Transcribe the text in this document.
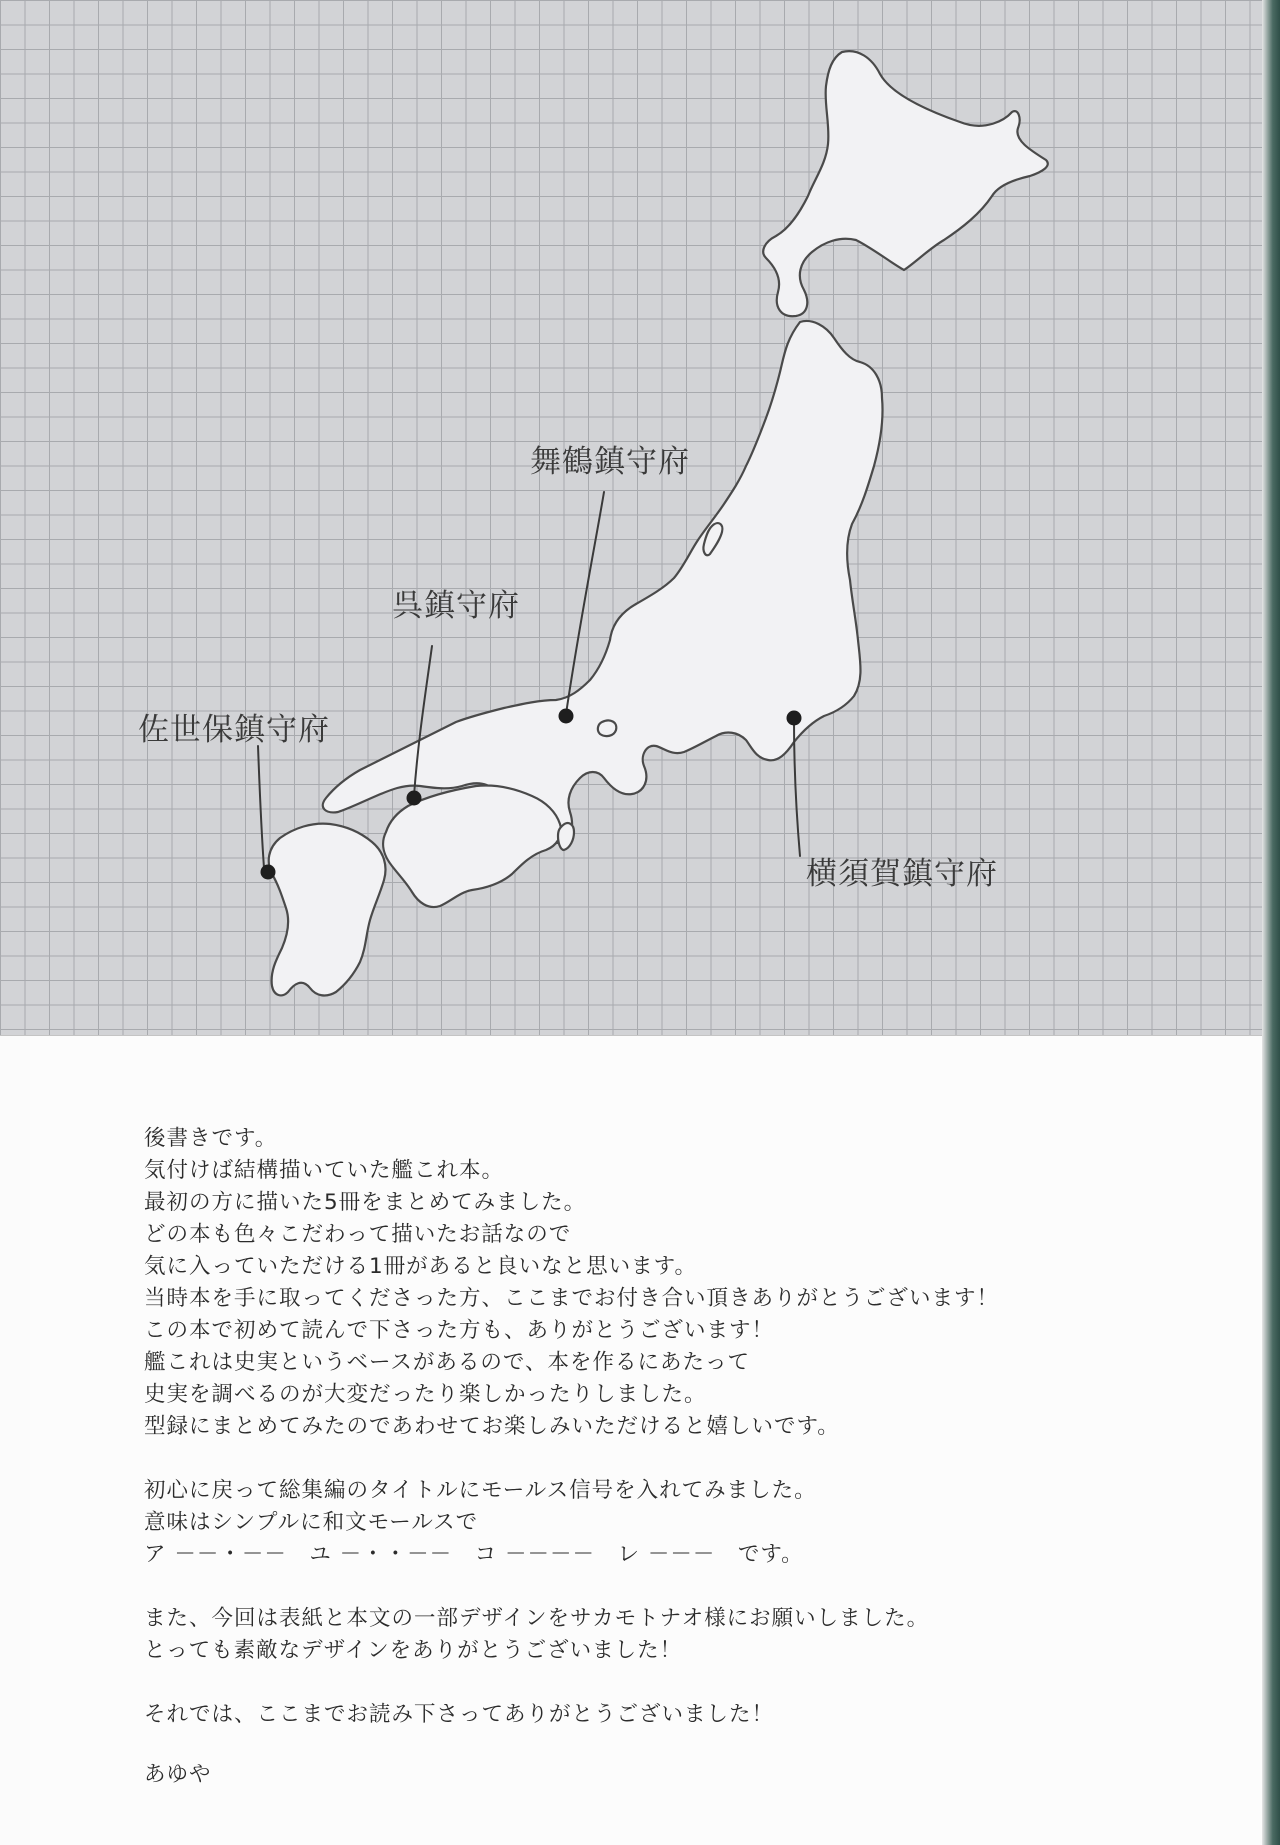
舞鶴鎮守府
呉鎮守府
佐世保鎮守府
横須賀鎮守府

後書きです。

気付けば結構描いていた艦これ本。

最初の方に描いた5冊をまとめてみました。

どの本も色々こだわって描いたお話なので

気に入っていただける1冊があると良いなと思います。

当時本を手に取ってくださった方、ここまでお付き合い頂きありがとうございます！

この本で初めて読んで下さった方も、ありがとうございます！

艦これは史実というベースがあるので、本を作るにあたって

史実を調べるのが大変だったり楽しかったりしました。

型録にまとめてみたのであわせてお楽しみいただけると嬉しいです。

初心に戻って総集編のタイトルにモールス信号を入れてみました。

意味はシンプルに和文モールスで

ア －－・－－　ユ －・・－－　コ －－－－　レ －－－　です。

また、今回は表紙と本文の一部デザインをサカモトナオ様にお願いしました。

とっても素敵なデザインをありがとうございました！

それでは、ここまでお読み下さってありがとうございました！

あゆや
